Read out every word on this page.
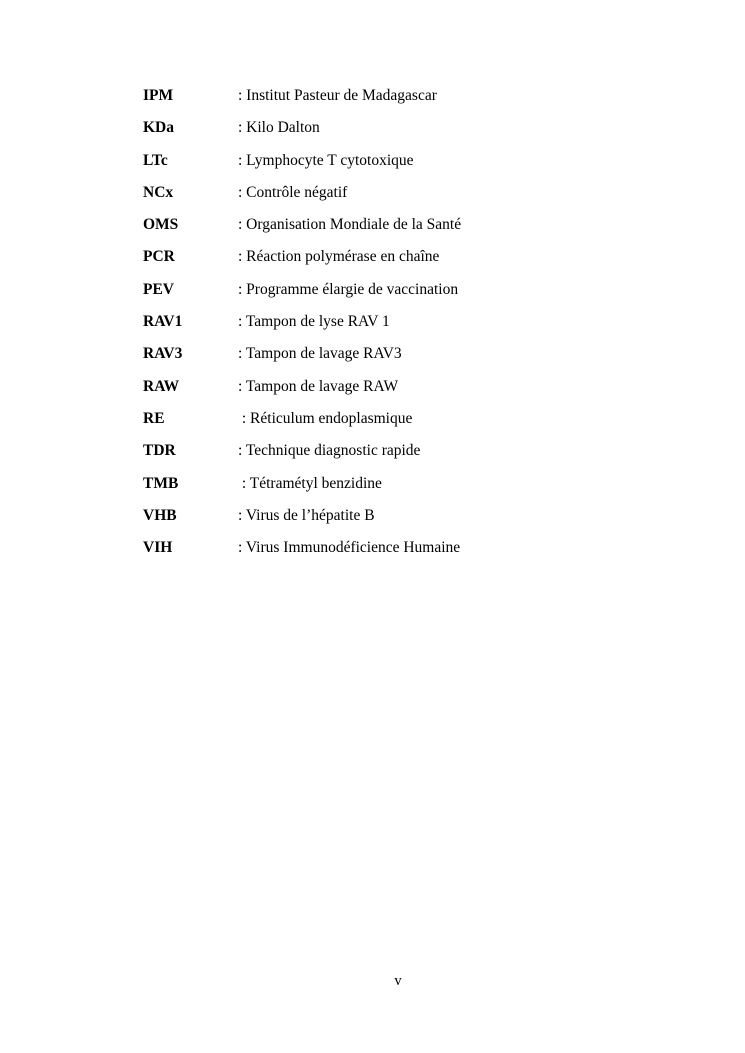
IPM	: Institut Pasteur de Madagascar
KDa	: Kilo Dalton
LTc	: Lymphocyte T cytotoxique
NCx	: Contrôle négatif
OMS	: Organisation Mondiale de la Santé
PCR	: Réaction polymérase en chaîne
PEV	: Programme élargie de vaccination
RAV1	: Tampon de lyse RAV 1
RAV3	: Tampon de lavage RAV3
RAW	: Tampon de lavage RAW
RE	: Réticulum endoplasmique
TDR	: Technique diagnostic rapide
TMB	: Tétramétyl benzidine
VHB	: Virus de l’hépatite B
VIH	: Virus Immunodéficience Humaine
v
